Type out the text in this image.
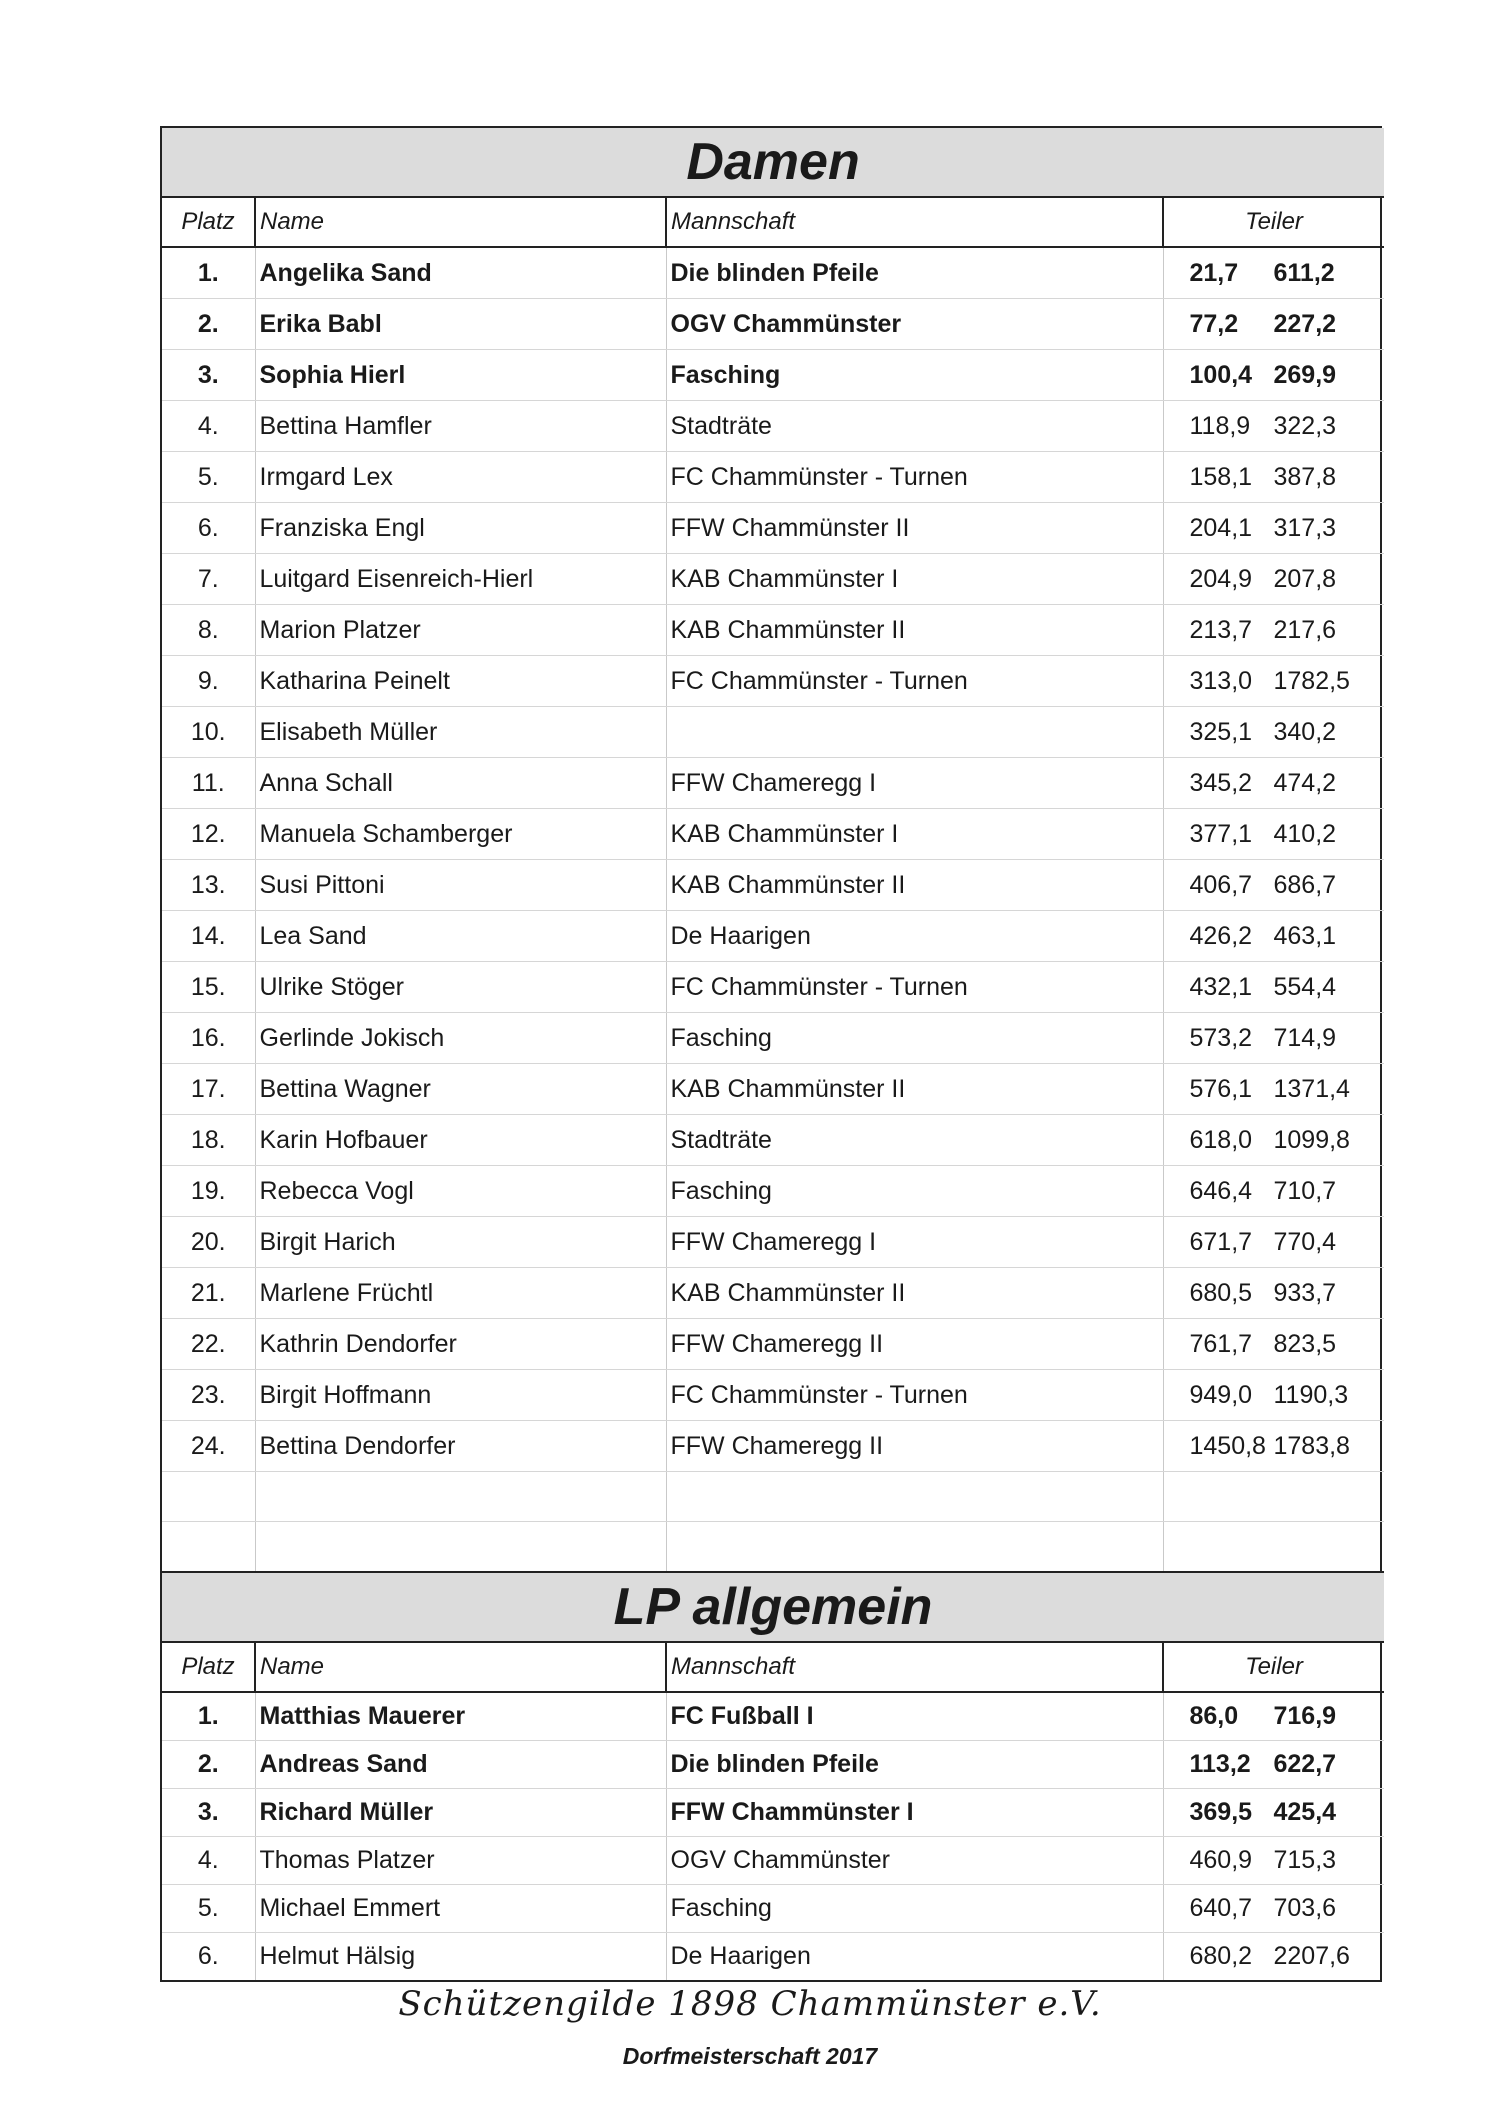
Damen			
Platz	Name	Mannschaft	Teiler
1.	Angelika Sand	Die blinden Pfeile	21,7 611,2
2.	Erika Babl	OGV Chammünster	77,2 227,2
3.	Sophia Hierl	Fasching	100,4 269,9
4.	Bettina Hamfler	Stadträte	118,9 322,3
5.	Irmgard Lex	FC Chammünster - Turnen	158,1 387,8
6.	Franziska Engl	FFW Chammünster II	204,1 317,3
7.	Luitgard Eisenreich-Hierl	KAB Chammünster I	204,9 207,8
8.	Marion Platzer	KAB Chammünster II	213,7 217,6
9.	Katharina Peinelt	FC Chammünster - Turnen	313,0 1782,5
10.	Elisabeth Müller		325,1 340,2
11.	Anna Schall	FFW Chameregg I	345,2 474,2
12.	Manuela Schamberger	KAB Chammünster I	377,1 410,2
13.	Susi Pittoni	KAB Chammünster II	406,7 686,7
14.	Lea Sand	De Haarigen	426,2 463,1
15.	Ulrike Stöger	FC Chammünster - Turnen	432,1 554,4
16.	Gerlinde Jokisch	Fasching	573,2 714,9
17.	Bettina Wagner	KAB Chammünster II	576,1 1371,4
18.	Karin Hofbauer	Stadträte	618,0 1099,8
19.	Rebecca Vogl	Fasching	646,4 710,7
20.	Birgit Harich	FFW Chameregg I	671,7 770,4
21.	Marlene Früchtl	KAB Chammünster II	680,5 933,7
22.	Kathrin Dendorfer	FFW Chameregg II	761,7 823,5
23.	Birgit Hoffmann	FC Chammünster - Turnen	949,0 1190,3
24.	Bettina Dendorfer	FFW Chameregg II	1450,8 1783,8

LP allgemein			
Platz	Name	Mannschaft	Teiler
1.	Matthias Mauerer	FC Fußball I	86,0 716,9
2.	Andreas Sand	Die blinden Pfeile	113,2 622,7
3.	Richard Müller	FFW Chammünster I	369,5 425,4
4.	Thomas Platzer	OGV Chammünster	460,9 715,3
5.	Michael Emmert	Fasching	640,7 703,6
6.	Helmut Hälsig	De Haarigen	680,2 2207,6
Schützengilde 1898 Chammünster e.V.
Dorfmeisterschaft 2017
